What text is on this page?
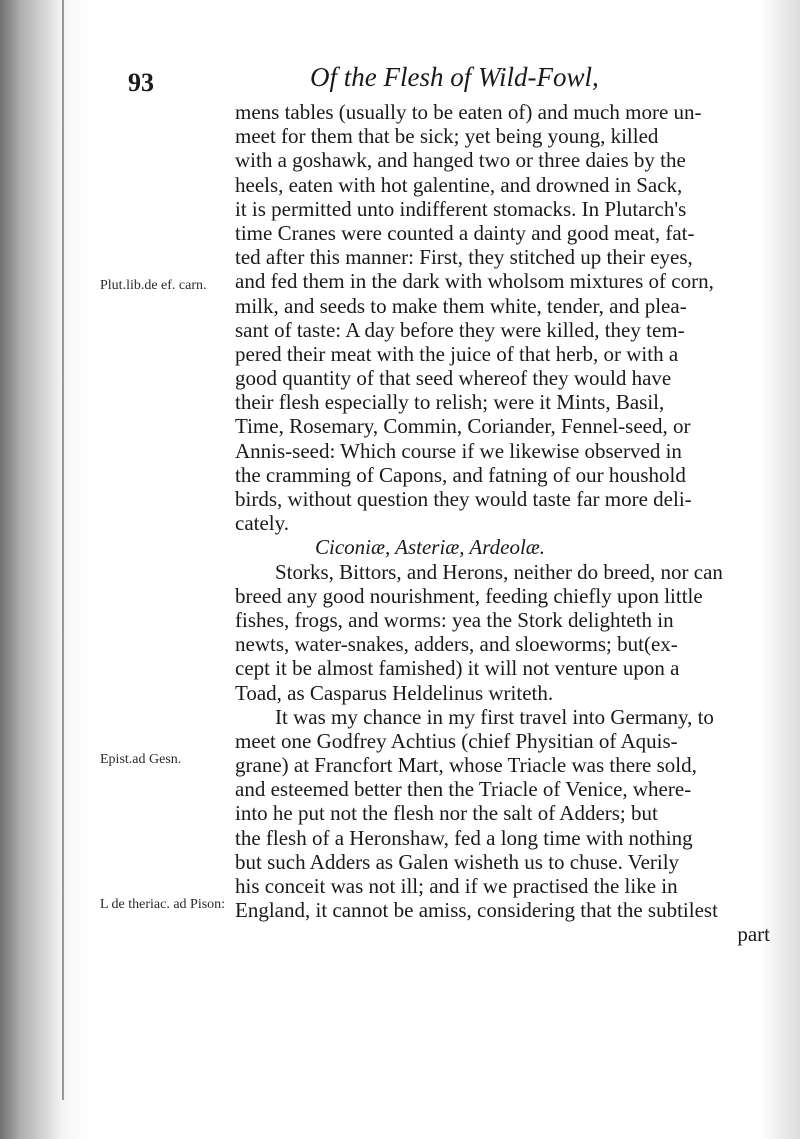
93	Of the Flesh of Wild-Fowl,
Plut.lib.de ef. carn.
Epist.ad Gesn.
L de theriac. ad Pison:
mens tables (usually to be eaten of) and much more un-
meet for them that be sick; yet being young, killed
with a goshawk, and hanged two or three daies by the
heels, eaten with hot galentine, and drowned in Sack,
it is permitted unto indifferent stomacks. In Plutarch's
time Cranes were counted a dainty and good meat, fat-
ted after this manner: First, they stitched up their eyes,
and fed them in the dark with wholsom mixtures of corn,
milk, and seeds to make them white, tender, and plea-
sant of taste: A day before they were killed, they tem-
pered their meat with the juice of that herb, or with a
good quantity of that seed whereof they would have
their flesh especially to relish; were it Mints, Basil,
Time, Rosemary, Commin, Coriander, Fennel-seed, or
Annis-seed: Which course if we likewise observed in
the cramming of Capons, and fatning of our houshold
birds, without question they would taste far more deli-
cately.
Ciconiæ, Asteriæ, Ardeolæ.
Storks, Bittors, and Herons, neither do breed, nor can
breed any good nourishment, feeding chiefly upon little
fishes, frogs, and worms: yea the Stork delighteth in
newts, water-snakes, adders, and sloeworms; but(ex-
cept it be almost famished) it will not venture upon a
Toad, as Casparus Heldelinus writeth.
It was my chance in my first travel into Germany, to
meet one Godfrey Achtius (chief Physitian of Aquis-
grane) at Francfort Mart, whose Triacle was there sold,
and esteemed better then the Triacle of Venice, where-
into he put not the flesh nor the salt of Adders; but
the flesh of a Heronshaw, fed a long time with nothing
but such Adders as Galen wisheth us to chuse. Verily
his conceit was not ill; and if we practised the like in
England, it cannot be amiss, considering that the subtilest
part
